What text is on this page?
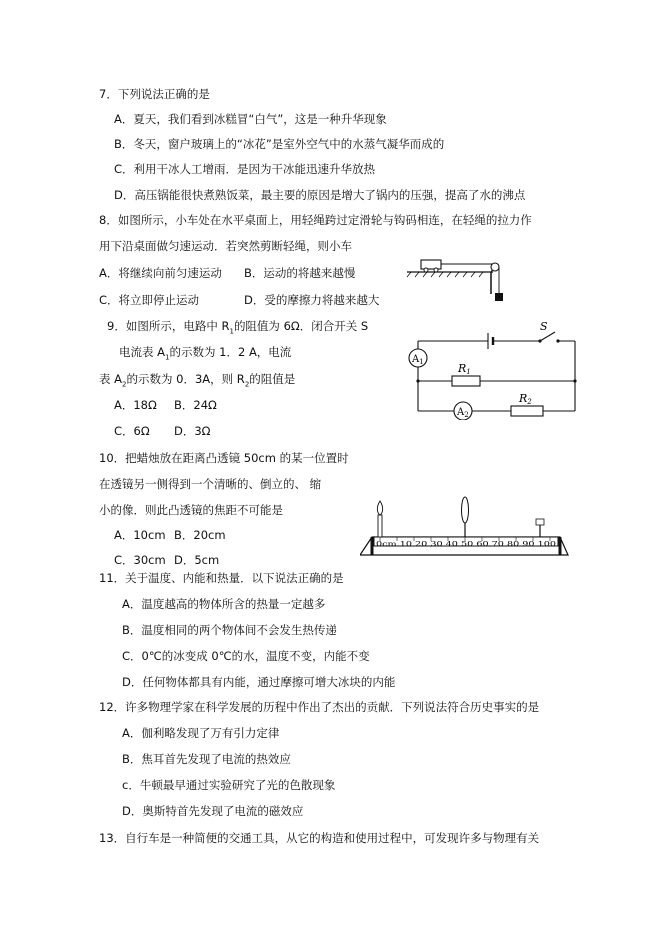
7．下列说法正确的是
A．夏天，我们看到冰糕冒“白气”，这是一种升华现象
B．冬天，窗户玻璃上的“冰花”是室外空气中的水蒸气凝华而成的
C．利用干冰人工增雨．是因为干冰能迅速升华放热
D．高压锅能很快煮熟饭菜，最主要的原因是增大了锅内的压强，提高了水的沸点
8．如图所示，小车处在水平桌面上，用轻绳跨过定滑轮与钩码相连，在轻绳的拉力作
用下沿桌面做匀速运动．若突然剪断轻绳，则小车
A．将继续向前匀速运动 B．运动的将越来越慢
C．将立即停止运动	D．受的摩擦力将越来越大
9．如图所示，电路中 $R_1$的阻值为 6Ω．闭合开关 S
电流表 $A_1$的示数为 1．2 A，电流
表 $A_2$的示数为 0．3A，则 $R_2$的阻值是
A．18Ω B．24Ω
C．6Ω D．3Ω
S
$A_1$
$A_2$
R1
R2
10．把蜡烛放在距离凸透镜 50cm 的某一位置时
在透镜另一侧得到一个清晰的、倒立的、 缩
小的像．则此凸透镜的焦距不可能是
A．10cm B．20cm
C．30cm D．5cm
0cm 10 20 30 40 50 60 70 80 90 100
11．关于温度、内能和热量．以下说法正确的是
A．温度越高的物体所含的热量一定越多
B．温度相同的两个物体间不会发生热传递
C．0℃的冰变成 0℃的水，温度不变，内能不变
D．任何物体都具有内能，通过摩擦可增大冰块的内能
12．许多物理学家在科学发展的历程中作出了杰出的贡献．下列说法符合历史事实的是
A．伽利略发现了万有引力定律
B．焦耳首先发现了电流的热效应
c．牛顿最早通过实验研究了光的色散现象
D．奥斯特首先发现了电流的磁效应
13．自行车是一种简便的交通工具，从它的构造和使用过程中，可发现许多与物理有关
